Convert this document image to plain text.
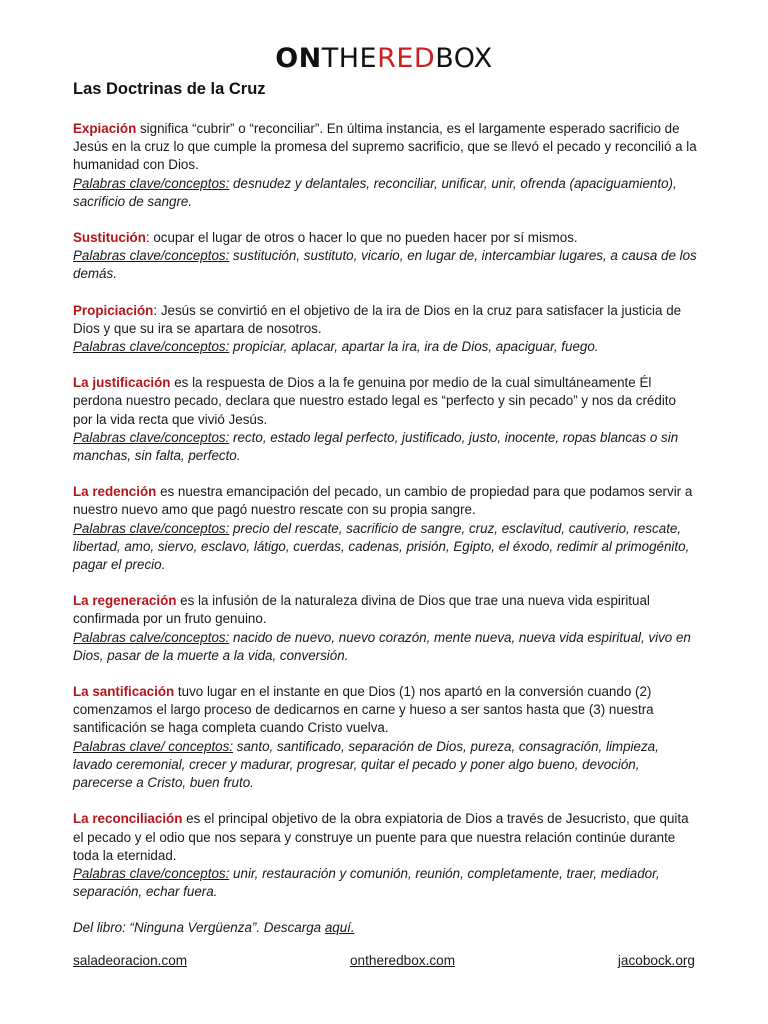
ONTHEREDBOX
Las Doctrinas de la Cruz
Expiación significa “cubrir” o “reconciliar”. En última instancia, es el largamente esperado sacrificio de Jesús en la cruz lo que cumple la promesa del supremo sacrificio, que se llevó el pecado y reconcilió a la humanidad con Dios.
Palabras clave/conceptos: desnudez y delantales, reconciliar, unificar, unir, ofrenda (apaciguamiento), sacrificio de sangre.
Sustitución: ocupar el lugar de otros o hacer lo que no pueden hacer por sí mismos.
Palabras clave/conceptos: sustitución, sustituto, vicario, en lugar de, intercambiar lugares, a causa de los demás.
Propiciación: Jesús se convirtió en el objetivo de la ira de Dios en la cruz para satisfacer la justicia de Dios y que su ira se apartara de nosotros.
Palabras clave/conceptos: propiciar, aplacar, apartar la ira, ira de Dios, apaciguar, fuego.
La justificación es la respuesta de Dios a la fe genuina por medio de la cual simultáneamente Él perdona nuestro pecado, declara que nuestro estado legal es “perfecto y sin pecado” y nos da crédito por la vida recta que vivió Jesús.
Palabras clave/conceptos: recto, estado legal perfecto, justificado, justo, inocente, ropas blancas o sin manchas, sin falta, perfecto.
La redención es nuestra emancipación del pecado, un cambio de propiedad para que podamos servir a nuestro nuevo amo que pagó nuestro rescate con su propia sangre.
Palabras clave/conceptos: precio del rescate, sacrificio de sangre, cruz, esclavitud, cautiverio, rescate, libertad, amo, siervo, esclavo, látigo, cuerdas, cadenas, prisión, Egipto, el éxodo, redimir al primogénito, pagar el precio.
La regeneración es la infusión de la naturaleza divina de Dios que trae una nueva vida espiritual confirmada por un fruto genuino.
Palabras calve/conceptos: nacido de nuevo, nuevo corazón, mente nueva, nueva vida espiritual, vivo en Dios, pasar de la muerte a la vida, conversión.
La santificación tuvo lugar en el instante en que Dios (1) nos apartó en la conversión cuando (2) comenzamos el largo proceso de dedicarnos en carne y hueso a ser santos hasta que (3) nuestra santificación se haga completa cuando Cristo vuelva.
Palabras clave/ conceptos: santo, santificado, separación de Dios, pureza, consagración, limpieza, lavado ceremonial, crecer y madurar, progresar, quitar el pecado y poner algo bueno, devoción, parecerse a Cristo, buen fruto.
La reconciliación es el principal objetivo de la obra expiatoria de Dios a través de Jesucristo, que quita el pecado y el odio que nos separa y construye un puente para que nuestra relación continúe durante toda la eternidad.
Palabras clave/conceptos: unir, restauración y comunión, reunión, completamente, traer, mediador, separación, echar fuera.
Del libro: “Ninguna Vergüenza”. Descarga aquí.
saladeoracion.com	ontheredbox.com	jacobock.org
